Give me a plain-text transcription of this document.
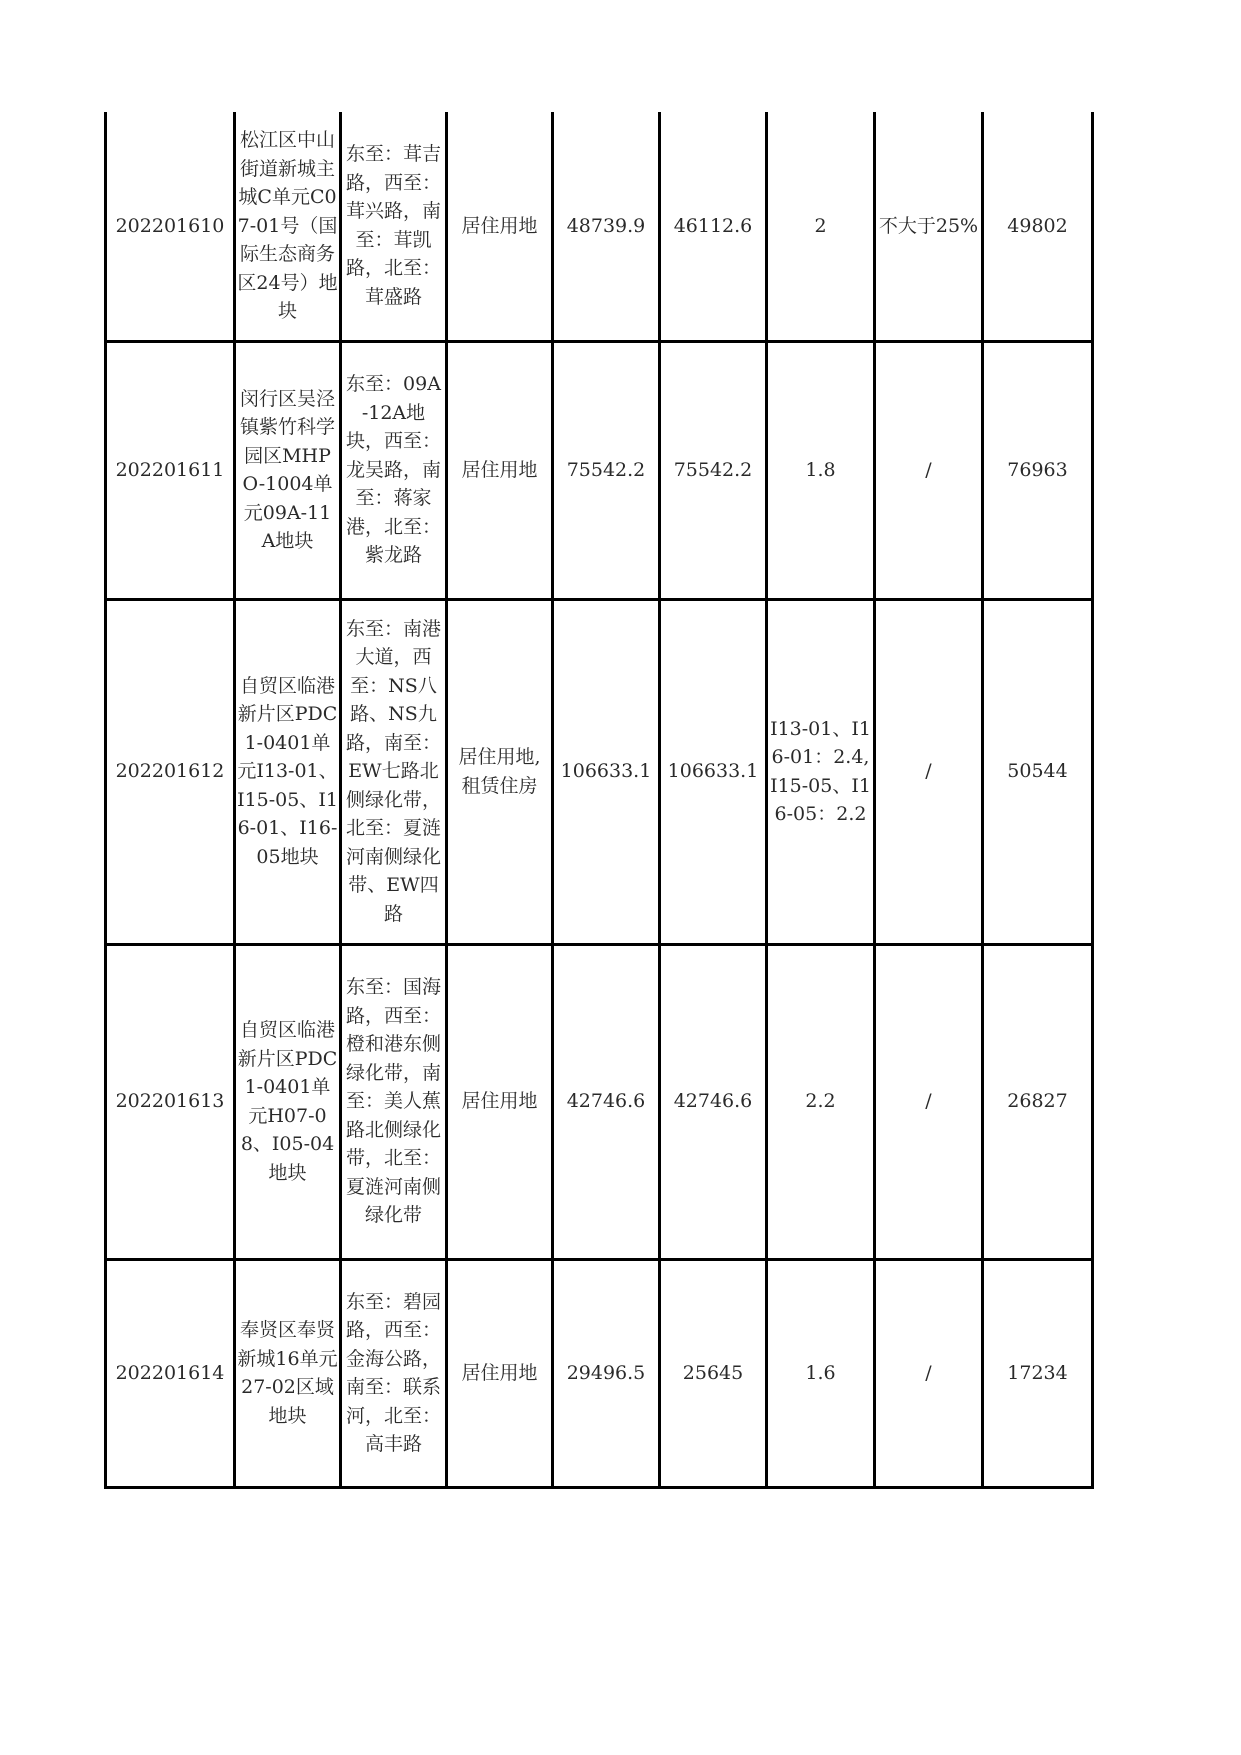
202201610	松江区中山街道新城主城C单元C07-01号（国际生态商务区24号）地块	东至：茸吉路，西至：茸兴路，南至：茸凯路，北至：茸盛路	居住用地	48739.9	46112.6	2	不大于25%	49802
202201611	闵行区吴泾镇紫竹科学园区MHPO-1004单元09A-11A地块	东至：09A-12A地块，西至：龙吴路，南至：蒋家港，北至：紫龙路	居住用地	75542.2	75542.2	1.8	/	76963
202201612	自贸区临港新片区PDC1-0401单元I13-01、I15-05、I16-01、I16-05地块	东至：南港大道，西至：NS八路、NS九路，南至：EW七路北侧绿化带，北至：夏涟河南侧绿化带、EW四路	居住用地,租赁住房	106633.1	106633.1	I13-01、I16-01：2.4,I15-05、I16-05：2.2	/	50544
202201613	自贸区临港新片区PDC1-0401单元H07-08、I05-04地块	东至：国海路，西至：橙和港东侧绿化带，南至：美人蕉路北侧绿化带，北至：夏涟河南侧绿化带	居住用地	42746.6	42746.6	2.2	/	26827
202201614	奉贤区奉贤新城16单元27-02区域地块	东至：碧园路，西至：金海公路，南至：联系河，北至：高丰路	居住用地	29496.5	25645	1.6	/	17234
